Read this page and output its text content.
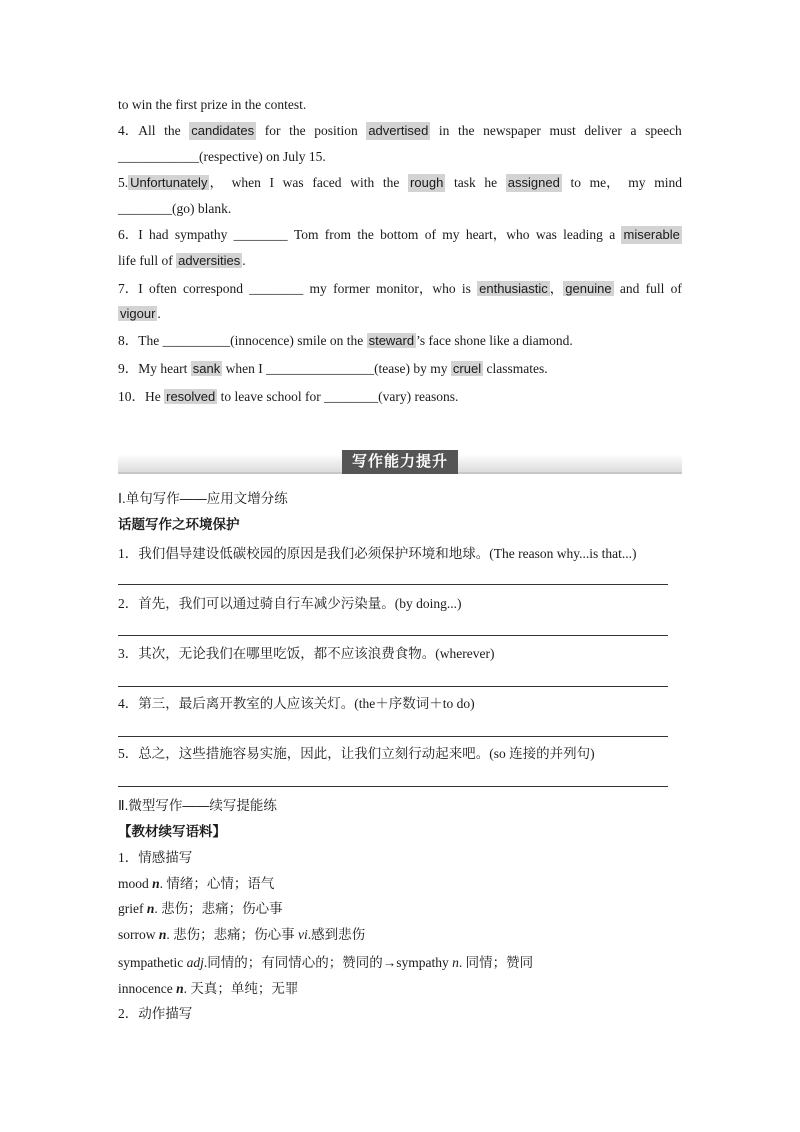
to win the first prize in the contest.
4．All the candidates for the position advertised in the newspaper must deliver a speech
____________(respective) on July 15.
5. Unfortunately ， when I was faced with the rough task he assigned to me， my mind
________(go) blank.
6．I had sympathy ________ Tom from the bottom of my heart，who was leading a miserable
life full of adversities .
7．I often correspond ________ my former monitor，who is enthusiastic ， genuine and full of
vigour .
8．The __________(innocence) smile on the steward ’s face shone like a diamond.
9．My heart sank when I ________________(tease) by my cruel classmates.
10．He resolved to leave school for ________(vary) reasons.
写作能力提升
Ⅰ.单句写作——应用文增分练
话题写作之环境保护
1．我们倡导建设低碳校园的原因是我们必须保护环境和地球。(The reason why...is that...)
2．首先，我们可以通过骑自行车减少污染量。(by doing...)
3．其次，无论我们在哪里吃饭，都不应该浪费食物。(wherever)
4．第三，最后离开教室的人应该关灯。(the＋序数词＋to do)
5．总之，这些措施容易实施，因此，让我们立刻行动起来吧。(so 连接的并列句)
Ⅱ.微型写作——续写提能练
【教材续写语料】
1．情感描写
mood n. 情绪；心情；语气
grief n. 悲伤；悲痛；伤心事
sorrow n. 悲伤；悲痛；伤心事 vi.感到悲伤
sympathetic adj.同情的；有同情心的；赞同的→sympathy n. 同情；赞同
innocence n. 天真；单纯；无罪
2．动作描写
